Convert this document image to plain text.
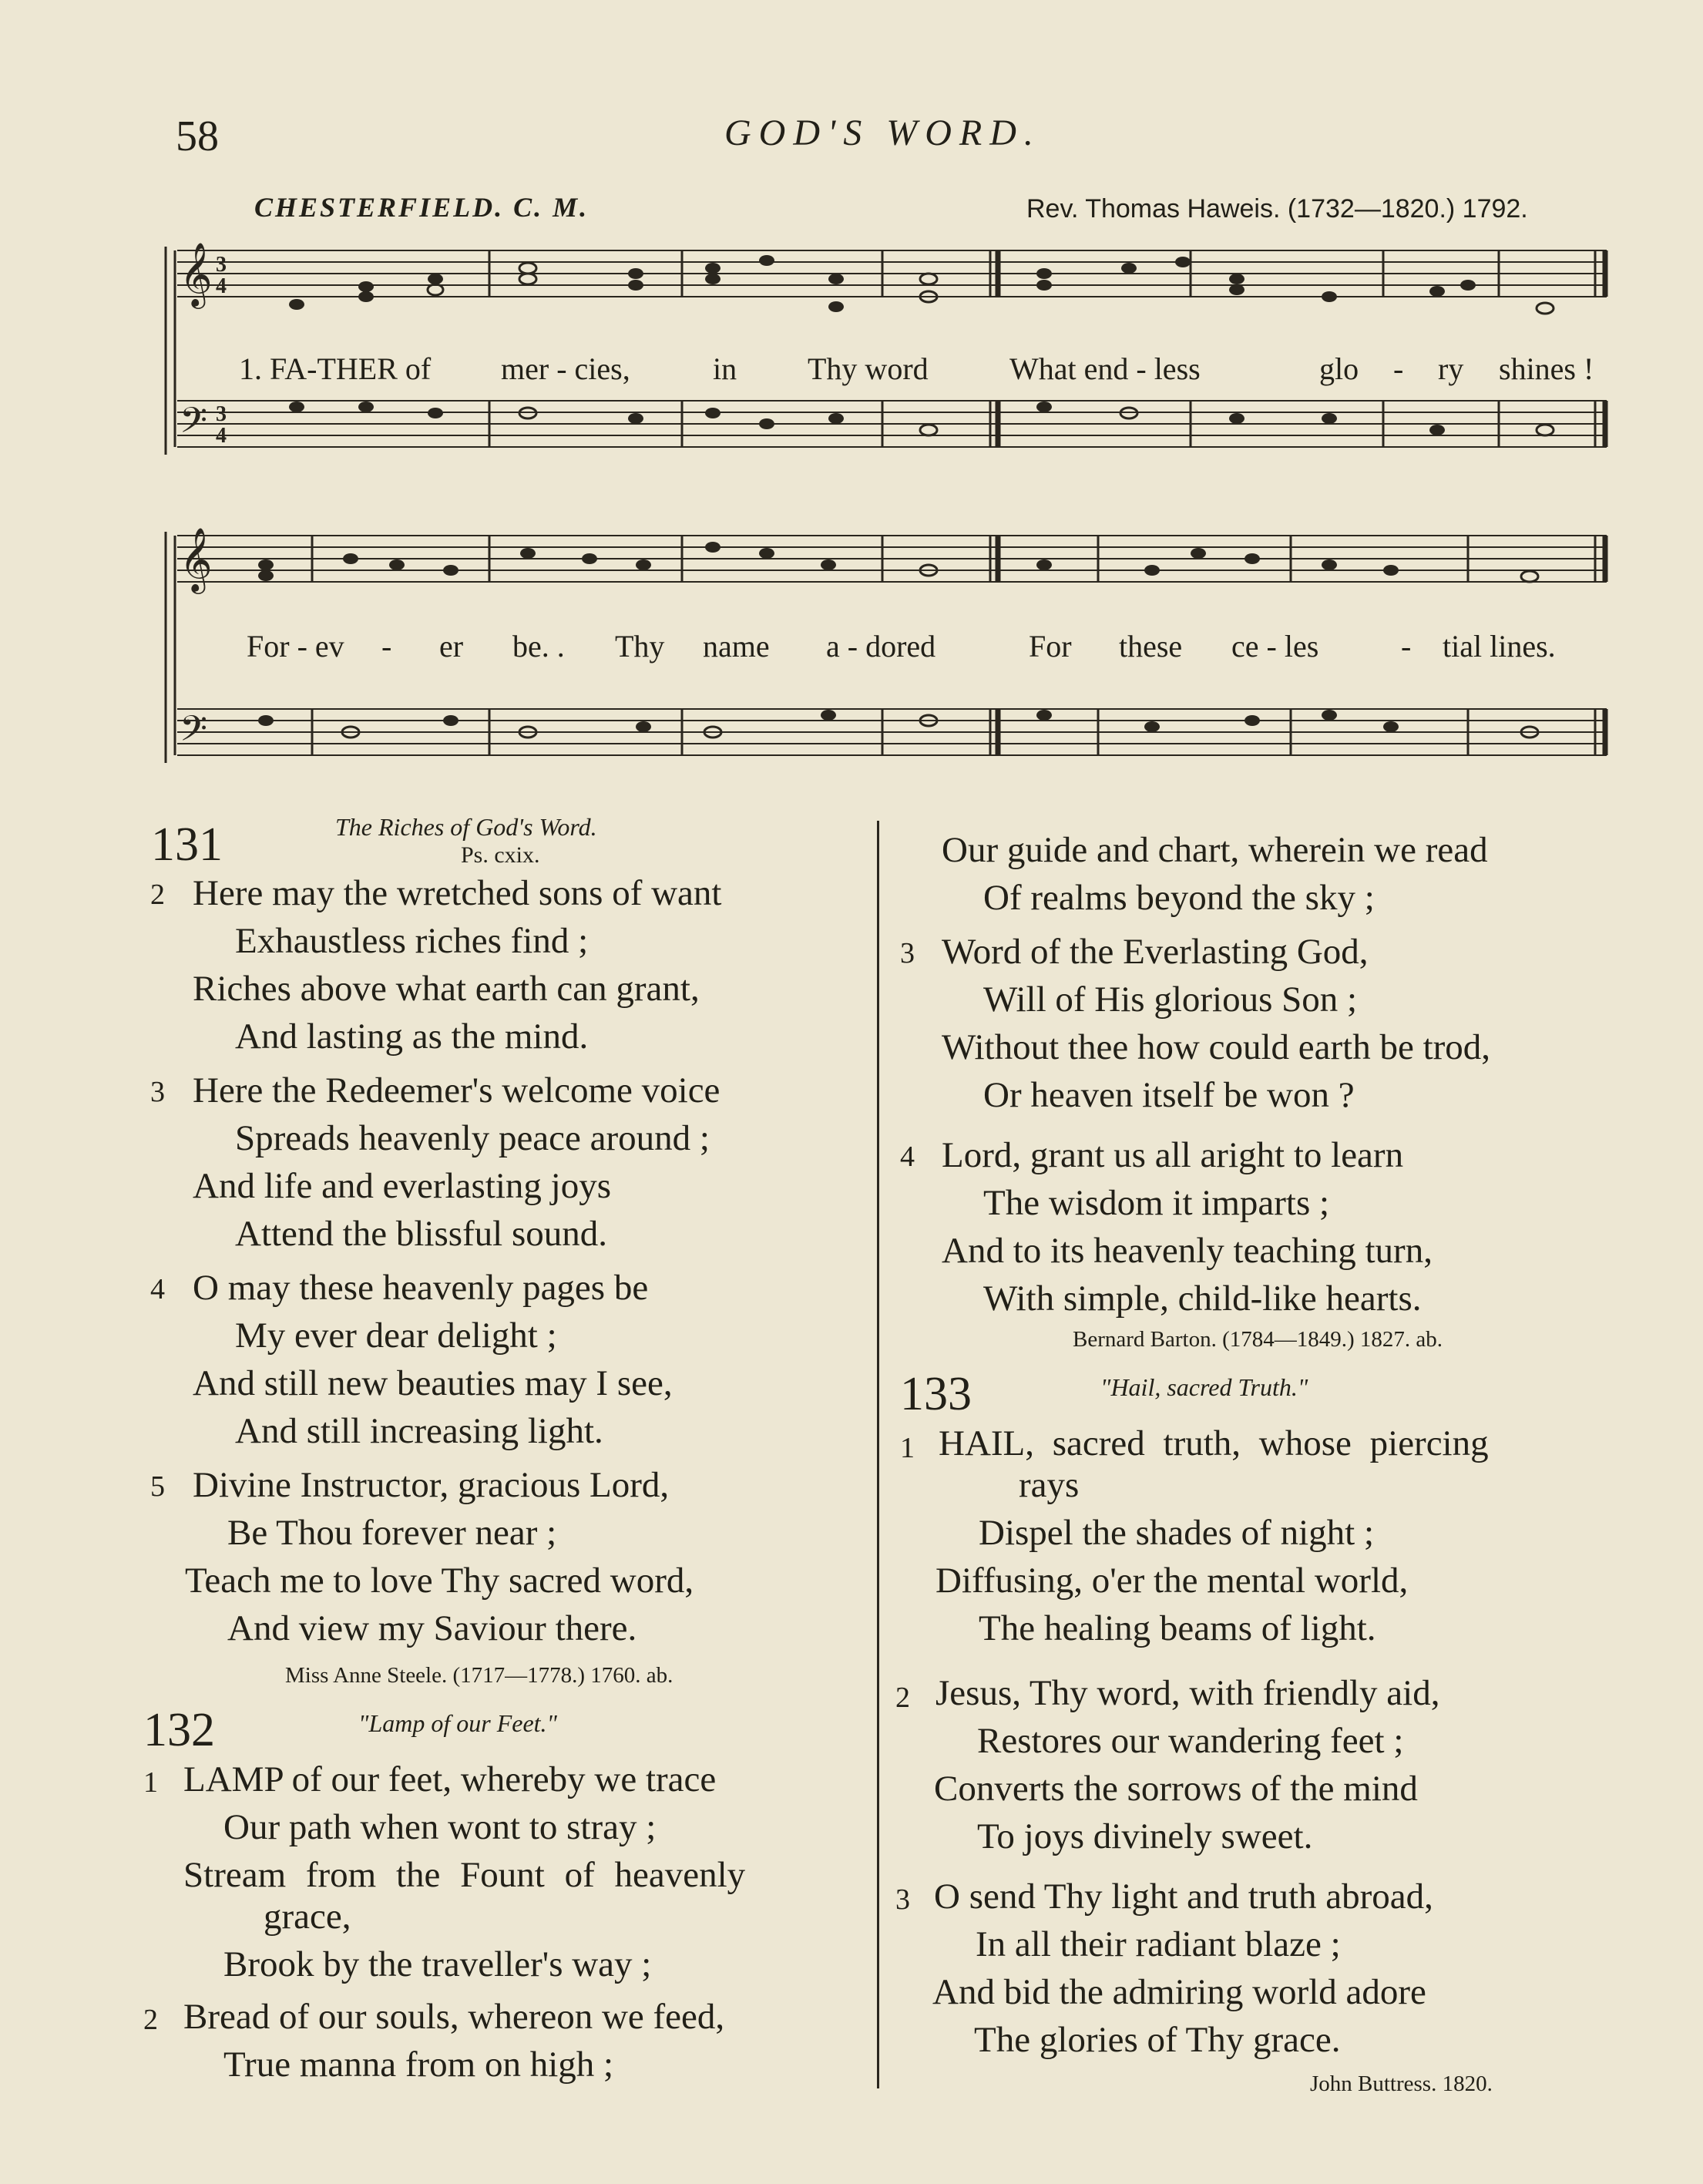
58	GOD'S WORD.
CHESTERFIELD. C. M.	Rev. Thomas Haweis. (1732—1820.) 1792.
𝄞
𝄢
3
4
3
4
1. FA-THER of mer - cies,	in Thy word	What end - less	glo - ry shines !
𝄞
𝄢
For - ev - er be. . Thy name a - dored	For these ce - les	- tial lines.
131	The Riches of God's Word.
Ps. cxix.
2 Here may the wretched sons of want
Exhaustless riches find ;
Riches above what earth can grant,
And lasting as the mind.
3 Here the Redeemer's welcome voice
Spreads heavenly peace around ;
And life and everlasting joys
Attend the blissful sound.
4 O may these heavenly pages be
My ever dear delight ;
And still new beauties may I see,
And still increasing light.
5 Divine Instructor, gracious Lord,
Be Thou forever near ;
Teach me to love Thy sacred word,
And view my Saviour there.
Miss Anne Steele. (1717—1778.) 1760. ab.
132	"Lamp of our Feet."
1 LAMP of our feet, whereby we trace
Our path when wont to stray ;
Stream from the Fount of heavenly
grace,
Brook by the traveller's way ;
2 Bread of our souls, whereon we feed,
True manna from on high ;
Our guide and chart, wherein we read
Of realms beyond the sky ;
3 Word of the Everlasting God,
Will of His glorious Son ;
Without thee how could earth be trod,
Or heaven itself be won ?
4 Lord, grant us all aright to learn
The wisdom it imparts ;
And to its heavenly teaching turn,
With simple, child-like hearts.
Bernard Barton. (1784—1849.) 1827. ab.
133	"Hail, sacred Truth."
1 HAIL, sacred truth, whose piercing
rays
Dispel the shades of night ;
Diffusing, o'er the mental world,
The healing beams of light.
2 Jesus, Thy word, with friendly aid,
Restores our wandering feet ;
Converts the sorrows of the mind
To joys divinely sweet.
3 O send Thy light and truth abroad,
In all their radiant blaze ;
And bid the admiring world adore
The glories of Thy grace.
John Buttress. 1820.
